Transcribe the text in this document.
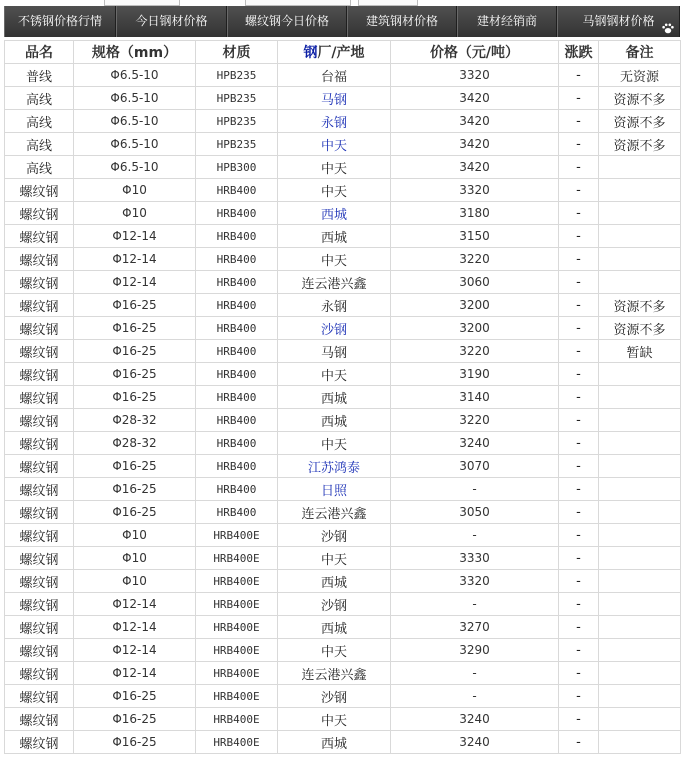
不锈钢价格行情	今日钢材价格	螺纹钢今日价格	建筑钢材价格	建材经销商	马钢钢材价格
品名	规格（mm）	材质	钢厂/产地	价格（元/吨）	涨跌	备注
普线	Φ6.5-10	HPB235	台福	3320	-	无资源
高线	Φ6.5-10	HPB235	马钢	3420	-	资源不多
高线	Φ6.5-10	HPB235	永钢	3420	-	资源不多
高线	Φ6.5-10	HPB235	中天	3420	-	资源不多
高线	Φ6.5-10	HPB300	中天	3420	-	
螺纹钢	Φ10	HRB400	中天	3320	-	
螺纹钢	Φ10	HRB400	西城	3180	-	
螺纹钢	Φ12-14	HRB400	西城	3150	-	
螺纹钢	Φ12-14	HRB400	中天	3220	-	
螺纹钢	Φ12-14	HRB400	连云港兴鑫	3060	-	
螺纹钢	Φ16-25	HRB400	永钢	3200	-	资源不多
螺纹钢	Φ16-25	HRB400	沙钢	3200	-	资源不多
螺纹钢	Φ16-25	HRB400	马钢	3220	-	暂缺
螺纹钢	Φ16-25	HRB400	中天	3190	-	
螺纹钢	Φ16-25	HRB400	西城	3140	-	
螺纹钢	Φ28-32	HRB400	西城	3220	-	
螺纹钢	Φ28-32	HRB400	中天	3240	-	
螺纹钢	Φ16-25	HRB400	江苏鸿泰	3070	-	
螺纹钢	Φ16-25	HRB400	日照	-	-	
螺纹钢	Φ16-25	HRB400	连云港兴鑫	3050	-	
螺纹钢	Φ10	HRB400E	沙钢	-	-	
螺纹钢	Φ10	HRB400E	中天	3330	-	
螺纹钢	Φ10	HRB400E	西城	3320	-	
螺纹钢	Φ12-14	HRB400E	沙钢	-	-	
螺纹钢	Φ12-14	HRB400E	西城	3270	-	
螺纹钢	Φ12-14	HRB400E	中天	3290	-	
螺纹钢	Φ12-14	HRB400E	连云港兴鑫	-	-	
螺纹钢	Φ16-25	HRB400E	沙钢	-	-	
螺纹钢	Φ16-25	HRB400E	中天	3240	-	
螺纹钢	Φ16-25	HRB400E	西城	3240	-	
